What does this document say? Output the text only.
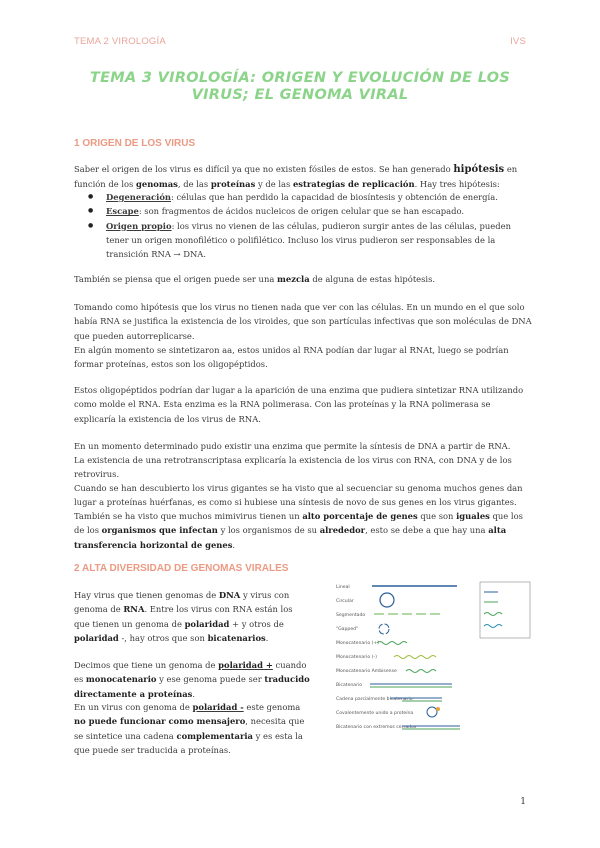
TEMA 2 VIROLOGÍA	IVS
TEMA 3 VIROLOGÍA: ORIGEN Y EVOLUCIÓN DE LOS VIRUS; EL GENOMA VIRAL
1 ORIGEN DE LOS VIRUS
Saber el origen de los virus es difícil ya que no existen fósiles de estos. Se han generado hipótesis en función de los genomas, de las proteínas y de las estrategias de replicación. Hay tres hipótesis:
● Degeneración: células que han perdido la capacidad de biosíntesis y obtención de energía.
● Escape: son fragmentos de ácidos nucleicos de origen celular que se han escapado.
● Origen propio: los virus no vienen de las células, pudieron surgir antes de las células, pueden tener un origen monofilético o polifilético. Incluso los virus pudieron ser responsables de la transición RNA → DNA.
También se piensa que el origen puede ser una mezcla de alguna de estas hipótesis.
Tomando como hipótesis que los virus no tienen nada que ver con las células. En un mundo en el que solo había RNA se justifica la existencia de los viroides, que son partículas infectivas que son moléculas de DNA que pueden autorreplicarse.
En algún momento se sintetizaron aa, estos unidos al RNA podían dar lugar al RNAt, luego se podrían formar proteínas, estos son los oligopéptidos.
Estos oligopéptidos podrían dar lugar a la aparición de una enzima que pudiera sintetizar RNA utilizando como molde el RNA. Esta enzima es la RNA polimerasa. Con las proteínas y la RNA polimerasa se explicaría la existencia de los virus de RNA.
En un momento determinado pudo existir una enzima que permite la síntesis de DNA a partir de RNA.
La existencia de una retrotranscriptasa explicaría la existencia de los virus con RNA, con DNA y de los retrovirus.
Cuando se han descubierto los virus gigantes se ha visto que al secuenciar su genoma muchos genes dan lugar a proteínas huérfanas, es como si hubiese una síntesis de novo de sus genes en los virus gigantes.
También se ha visto que muchos mimivirus tienen un alto porcentaje de genes que son iguales que los de los organismos que infectan y los organismos de su alrededor, esto se debe a que hay una alta transferencia horizontal de genes.
2 ALTA DIVERSIDAD DE GENOMAS VIRALES
Hay virus que tienen genomas de DNA y virus con genoma de RNA. Entre los virus con RNA están los que tienen un genoma de polaridad + y otros de polaridad -, hay otros que son bicatenarios.
Decimos que tiene un genoma de polaridad + cuando es monocatenario y ese genoma puede ser traducido directamente a proteínas.
En un virus con genoma de polaridad - este genoma no puede funcionar como mensajero, necesita que se sintetice una cadena complementaria y es esta la que puede ser traducida a proteínas.
Lineal
Circular
Segmentado
"Gapped"
Monocatenario (+)
Monocatenario (-)
Monocatenario Ambisense
Bicatenario
Cadena parcialmente bicatenario
Covalentemente unido a proteína
Bicatenario con extremos cerrados
1
